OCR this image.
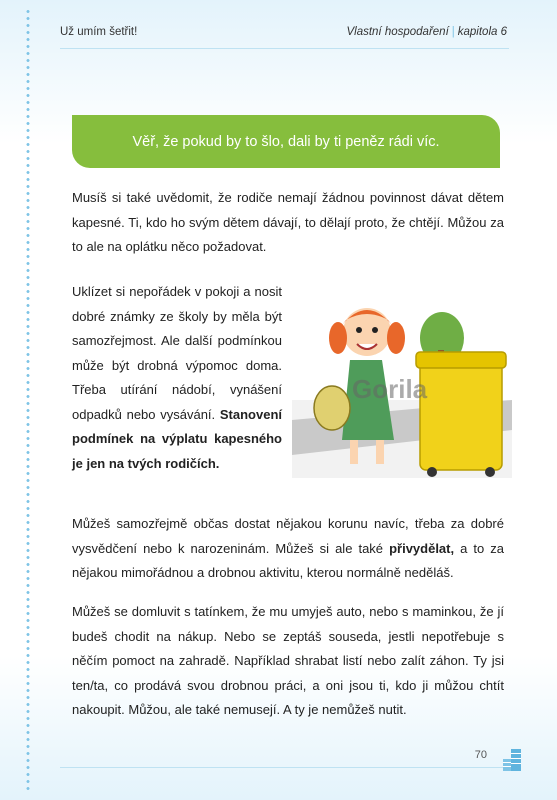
Už umím šetřit!	Vlastní hospodaření | kapitola 6
Věř, že pokud by to šlo, dali by ti peněz rádi víc.

Musíš si také uvědomit, že rodiče nemají žádnou povinnost dávat dětem kapesné. Ti, kdo ho svým dětem dávají, to dělají proto, že chtějí. Můžou za to ale na oplátku něco požadovat.

Uklízet si nepořádek v pokoji a nosit dobré známky ze školy by měla být samozřejmost. Ale další podmínkou může být drobná výpomoc doma. Třeba utírání nádobí, vynášení odpadků nebo vysávání. Stanovení podmínek na výplatu kapesného je jen na tvých rodičích.

Gorila

Můžeš samozřejmě občas dostat nějakou korunu navíc, třeba za dobré vysvědčení nebo k narozeninám. Můžeš si ale také přivydělat, a to za nějakou mimořádnou a drobnou aktivitu, kterou normálně neděláš.

Můžeš se domluvit s tatínkem, že mu umyješ auto, nebo s maminkou, že jí budeš chodit na nákup. Nebo se zeptáš souseda, jestli nepotřebuje s něčím pomoct na zahradě. Například shrabat listí nebo zalít záhon. Ty jsi ten/ta, co prodává svou drobnou práci, a oni jsou ti, kdo ji můžou chtít nakoupit. Můžou, ale také nemusejí. A ty je nemůžeš nutit.

70
